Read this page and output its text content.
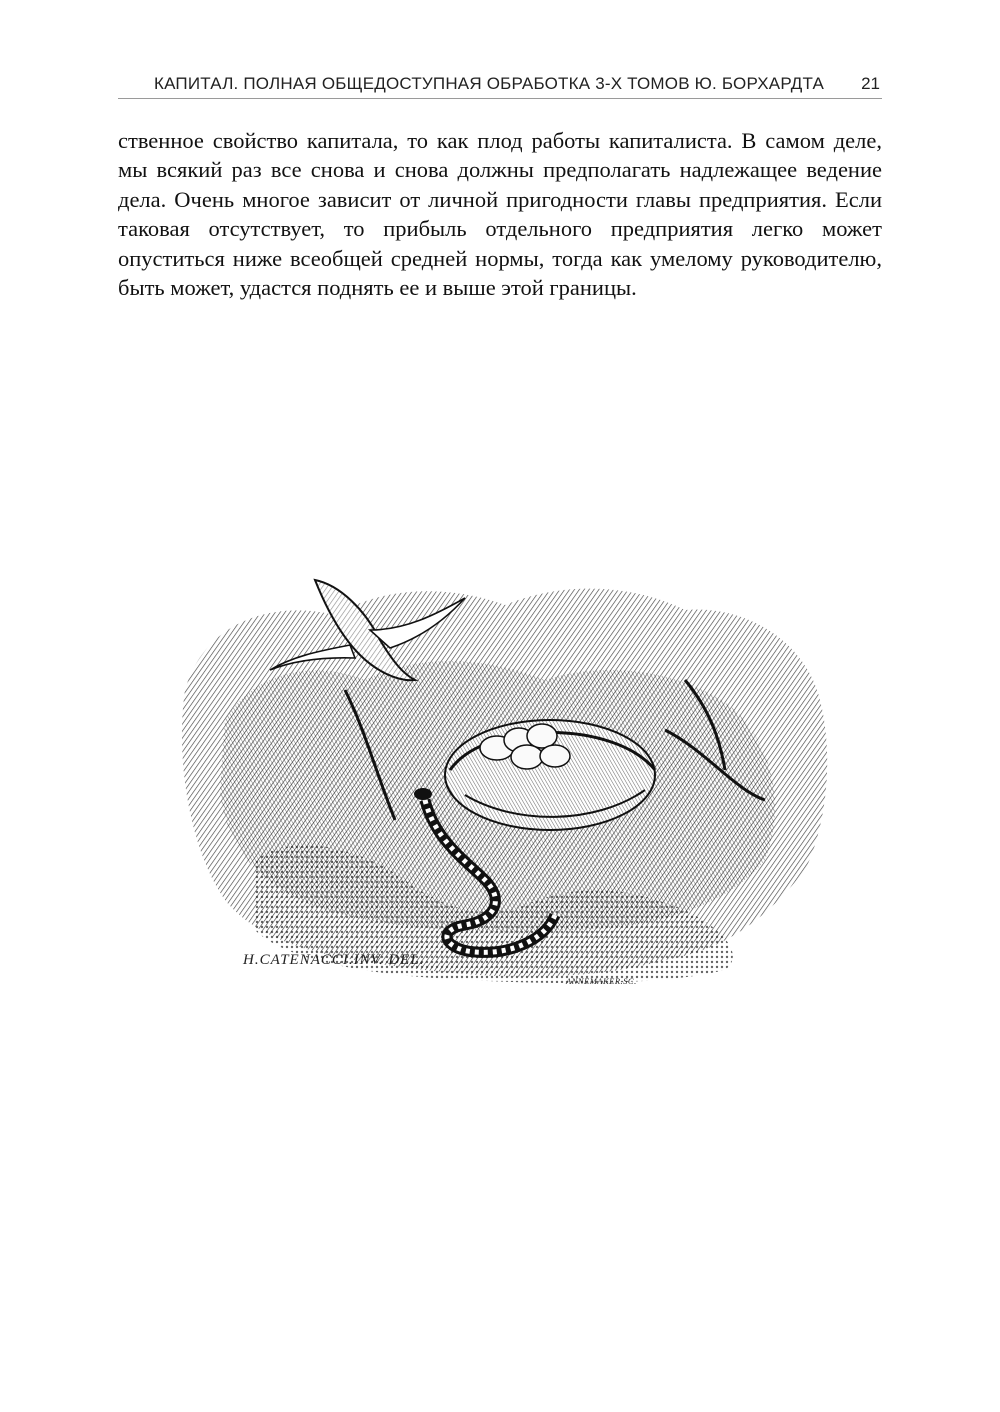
КАПИТАЛ. ПОЛНАЯ ОБЩЕДОСТУПНАЯ ОБРАБОТКА 3-Х ТОМОВ Ю. БОРХАРДТА 21

ственное свойство капитала, то как плод работы капиталиста. В самом деле, мы всякий раз все снова и снова должны предполагать надлежащее ведение дела. Очень многое зависит от личной пригодности главы предприятия. Если таковая отсутствует, то прибыль отдельного предприятия легко может опуститься ниже всеобщей средней нормы, тогда как умелому руководителю, быть может, удастся поднять ее и выше этой границы.

H.CATENACCI.INV. DEL.
ANNEMAKER.SC.
